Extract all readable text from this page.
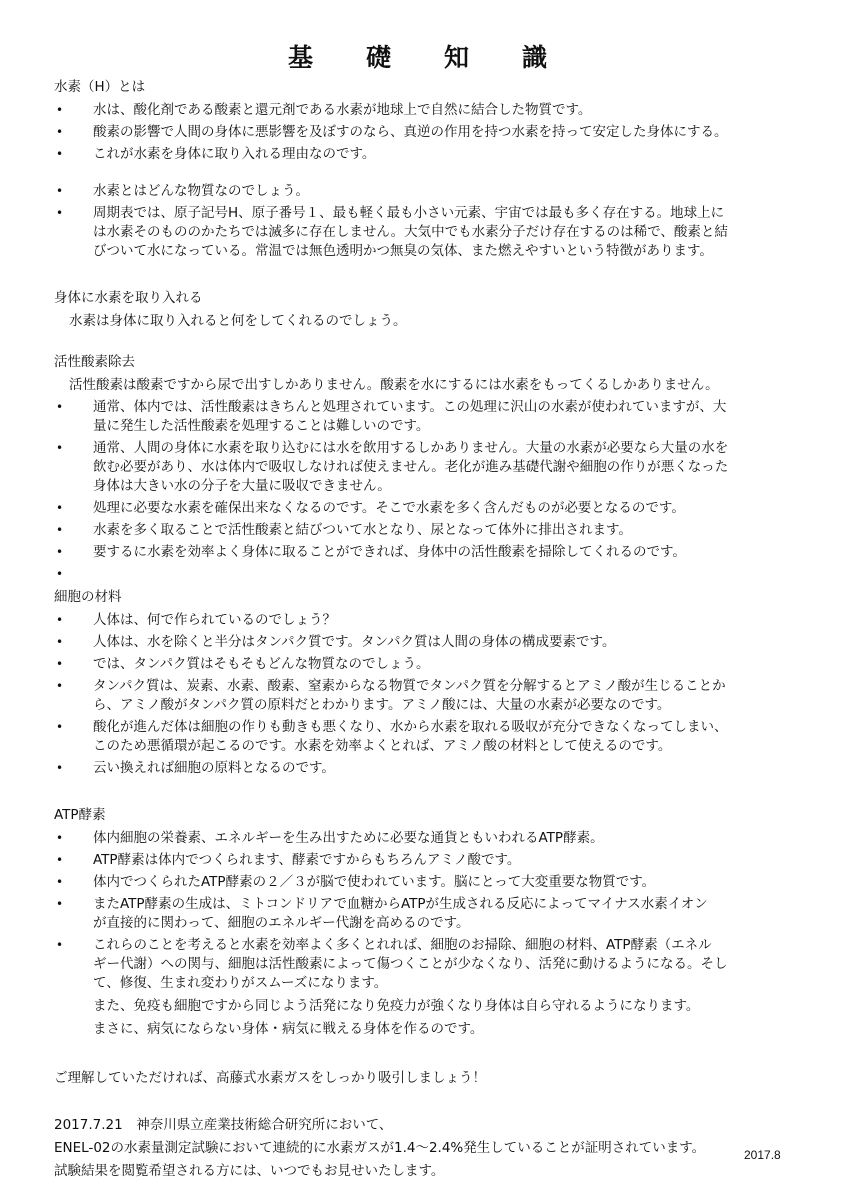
基　礎　知　識
水素（H）とは
• 水は、酸化剤である酸素と還元剤である水素が地球上で自然に結合した物質です。
• 酸素の影響で人間の身体に悪影響を及ぼすのなら、真逆の作用を持つ水素を持って安定した身体にする。
• これが水素を身体に取り入れる理由なのです。
• 水素とはどんな物質なのでしょう。
• 周期表では、原子記号H、原子番号１、最も軽く最も小さい元素、宇宙では最も多く存在する。地球上に
は水素そのもののかたちでは滅多に存在しません。大気中でも水素分子だけ存在するのは稀で、酸素と結
びついて水になっている。常温では無色透明かつ無臭の気体、また燃えやすいという特徴があります。
身体に水素を取り入れる
水素は身体に取り入れると何をしてくれるのでしょう。
活性酸素除去
活性酸素は酸素ですから尿で出すしかありません。酸素を水にするには水素をもってくるしかありません。
• 通常、体内では、活性酸素はきちんと処理されています。この処理に沢山の水素が使われていますが、大
量に発生した活性酸素を処理することは難しいのです。
• 通常、人間の身体に水素を取り込むには水を飲用するしかありません。大量の水素が必要なら大量の水を
飲む必要があり、水は体内で吸収しなければ使えません。老化が進み基礎代謝や細胞の作りが悪くなった
身体は大きい水の分子を大量に吸収できません。
• 処理に必要な水素を確保出来なくなるのです。そこで水素を多く含んだものが必要となるのです。
• 水素を多く取ることで活性酸素と結びついて水となり、尿となって体外に排出されます。
• 要するに水素を効率よく身体に取ることができれば、身体中の活性酸素を掃除してくれるのです。
•

細胞の材料
• 人体は、何で作られているのでしょう？
• 人体は、水を除くと半分はタンパク質です。タンパク質は人間の身体の構成要素です。
• では、タンパク質はそもそもどんな物質なのでしょう。
• タンパク質は、炭素、水素、酸素、窒素からなる物質でタンパク質を分解するとアミノ酸が生じることか
ら、アミノ酸がタンパク質の原料だとわかります。アミノ酸には、大量の水素が必要なのです。
• 酸化が進んだ体は細胞の作りも動きも悪くなり、水から水素を取れる吸収が充分できなくなってしまい、
このため悪循環が起こるのです。水素を効率よくとれば、アミノ酸の材料として使えるのです。
• 云い換えれば細胞の原料となるのです。
ATP酵素
• 体内細胞の栄養素、エネルギーを生み出すために必要な通貨ともいわれるATP酵素。
• ATP酵素は体内でつくられます、酵素ですからもちろんアミノ酸です。
• 体内でつくられたATP酵素の２／３が脳で使われています。脳にとって大変重要な物質です。
• またATP酵素の生成は、ミトコンドリアで血糖からATPが生成される反応によってマイナス水素イオン
が直接的に関わって、細胞のエネルギー代謝を高めるのです。
• これらのことを考えると水素を効率よく多くとれれば、細胞のお掃除、細胞の材料、ATP酵素（エネル
ギー代謝）への関与、細胞は活性酸素によって傷つくことが少なくなり、活発に動けるようになる。そし
て、修復、生まれ変わりがスムーズになります。
また、免疫も細胞ですから同じよう活発になり免疫力が強くなり身体は自ら守れるようになります。
まさに、病気にならない身体・病気に戦える身体を作るのです。
ご理解していただければ、高藤式水素ガスをしっかり吸引しましょう！
2017.7.21　神奈川県立産業技術総合研究所において、
ENEL-02の水素量測定試験において連続的に水素ガスが1.4～2.4%発生していることが証明されています。
試験結果を閲覧希望される方には、いつでもお見せいたします。
2017.8
